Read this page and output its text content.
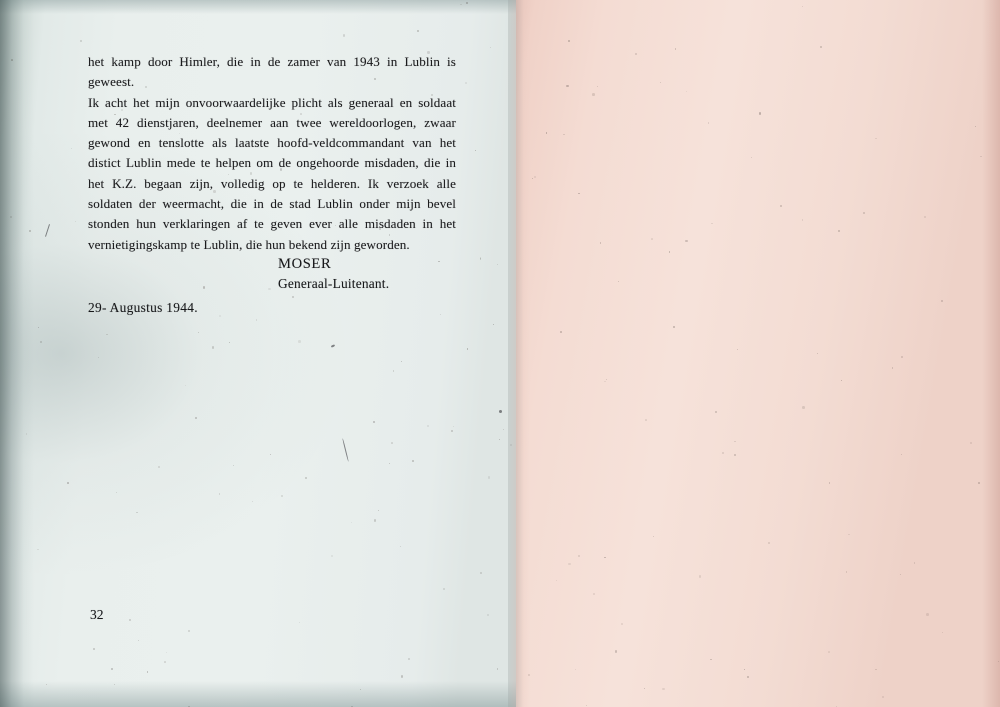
het kamp door Himler, die in de zamer van 1943 in Lublin is geweest.

Ik acht het mijn onvoorwaardelijke plicht als generaal en soldaat met 42 dienstjaren, deelnemer aan twee wereldoorlogen, zwaar gewond en tenslotte als laatste hoofd-veldcommandant van het distict Lublin mede te helpen om de ongehoorde misdaden, die in het K.Z. begaan zijn, volledig op te helderen. Ik verzoek alle soldaten der weermacht, die in de stad Lublin onder mijn bevel stonden hun verklaringen af te geven ever alle misdaden in het vernietigingskamp te Lublin, die hun bekend zijn geworden.

MOSER
Generaal-Luitenant.
29- Augustus 1944.
32
